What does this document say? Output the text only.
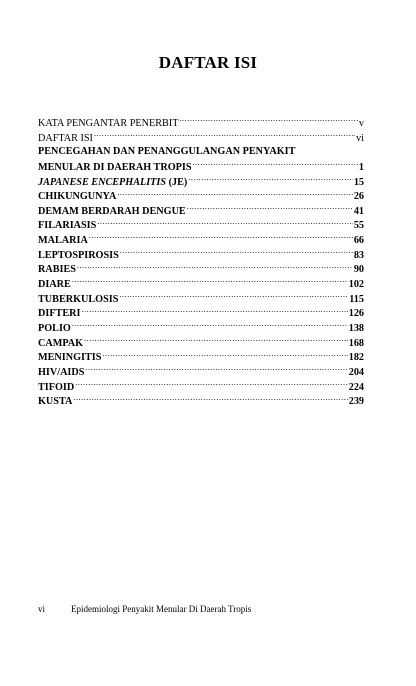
DAFTAR ISI
KATA PENGANTAR PENERBIT .....	v
DAFTAR ISI .....	vi
PENCEGAHAN DAN PENANGGULANGAN PENYAKIT
MENULAR DI DAERAH TROPIS .....	1
JAPANESE ENCEPHALITIS (JE) .....	15
CHIKUNGUNYA .....	26
DEMAM BERDARAH DENGUE .....	41
FILARIASIS .....	55
MALARIA .....	66
LEPTOSPIROSIS .....	83
RABIES .....	90
DIARE .....	102
TUBERKULOSIS .....	115
DIFTERI .....	126
POLIO .....	138
CAMPAK .....	168
MENINGITIS .....	182
HIV/AIDS .....	204
TIFOID .....	224
KUSTA .....	239
vi	Epidemiologi Penyakit Menular Di Daerah Tropis
